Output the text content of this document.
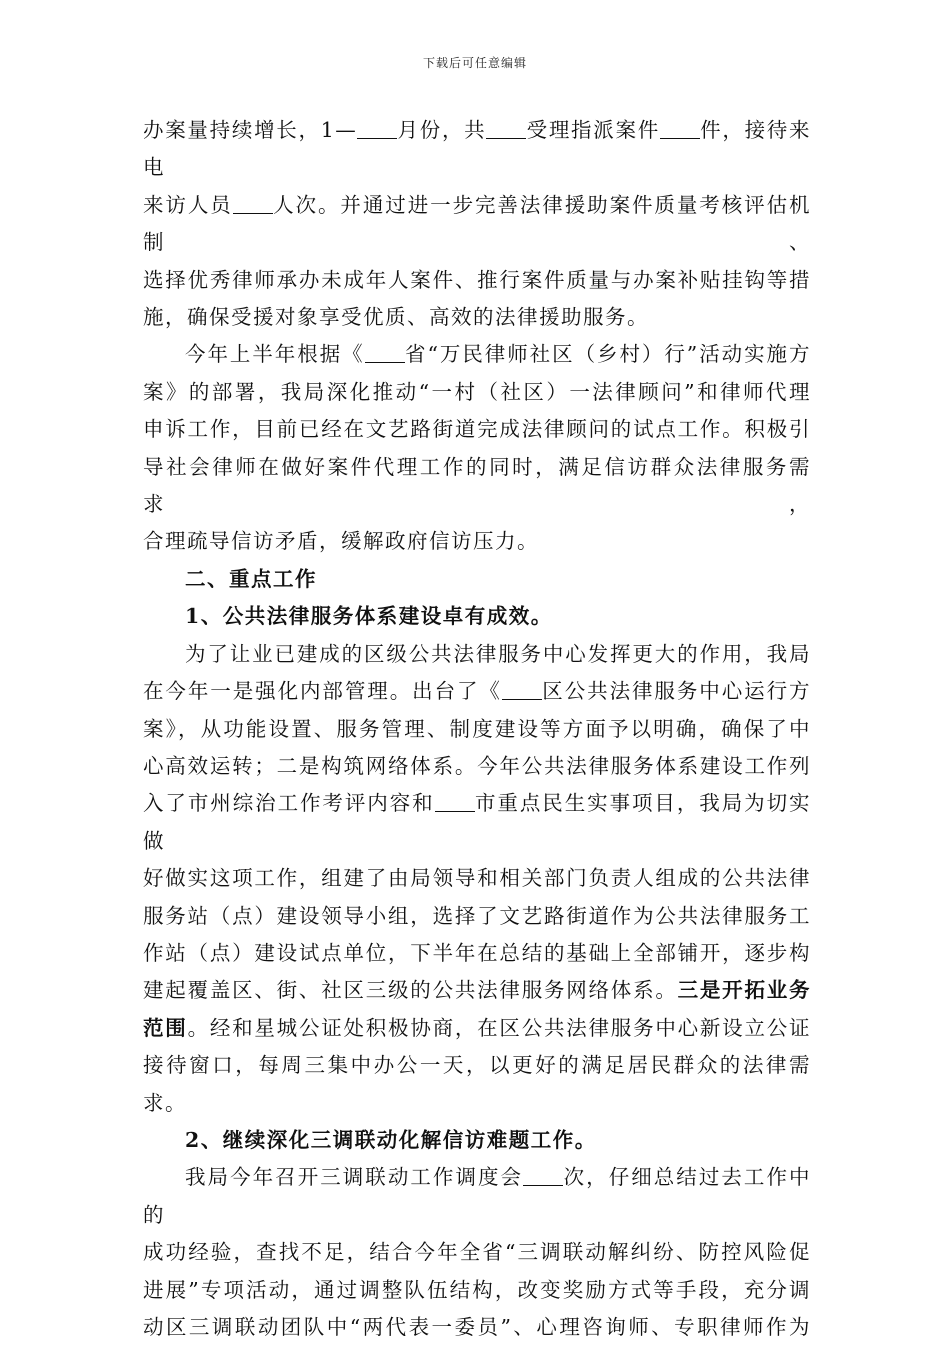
下载后可任意编辑

办案量持续增长，1— 月份，共 受理指派案件 件，接待来电

来访人员 人次。并通过进一步完善法律援助案件质量考核评估机制、

选择优秀律师承办未成年人案件、推行案件质量与办案补贴挂钩等措

施，确保受援对象享受优质、高效的法律援助服务。

今年上半年根据《 省“万民律师社区（乡村）行”活动实施方

案》的部署，我局深化推动“一村（社区）一法律顾问”和律师代理

申诉工作，目前已经在文艺路街道完成法律顾问的试点工作。积极引

导社会律师在做好案件代理工作的同时，满足信访群众法律服务需求，

合理疏导信访矛盾，缓解政府信访压力。

二、重点工作

1、公共法律服务体系建设卓有成效。

为了让业已建成的区级公共法律服务中心发挥更大的作用，我局

在今年一是强化内部管理。出台了《 区公共法律服务中心运行方

案》，从功能设置、服务管理、制度建设等方面予以明确，确保了中

心高效运转；二是构筑网络体系。今年公共法律服务体系建设工作列

入了市州综治工作考评内容和 市重点民生实事项目，我局为切实做

好做实这项工作，组建了由局领导和相关部门负责人组成的公共法律

服务站（点）建设领导小组，选择了文艺路街道作为公共法律服务工

作站（点）建设试点单位，下半年在总结的基础上全部铺开，逐步构

建起覆盖区、街、社区三级的公共法律服务网络体系。三是开拓业务

范围。经和星城公证处积极协商，在区公共法律服务中心新设立公证

接待窗口，每周三集中办公一天，以更好的满足居民群众的法律需求。

2、继续深化三调联动化解信访难题工作。

我局今年召开三调联动工作调度会 次，仔细总结过去工作中的

成功经验，查找不足，结合今年全省“三调联动解纠纷、防控风险促

进展”专项活动，通过调整队伍结构，改变奖励方式等手段，充分调

动区三调联动团队中“两代表一委员”、心理咨询师、专职律师作为
